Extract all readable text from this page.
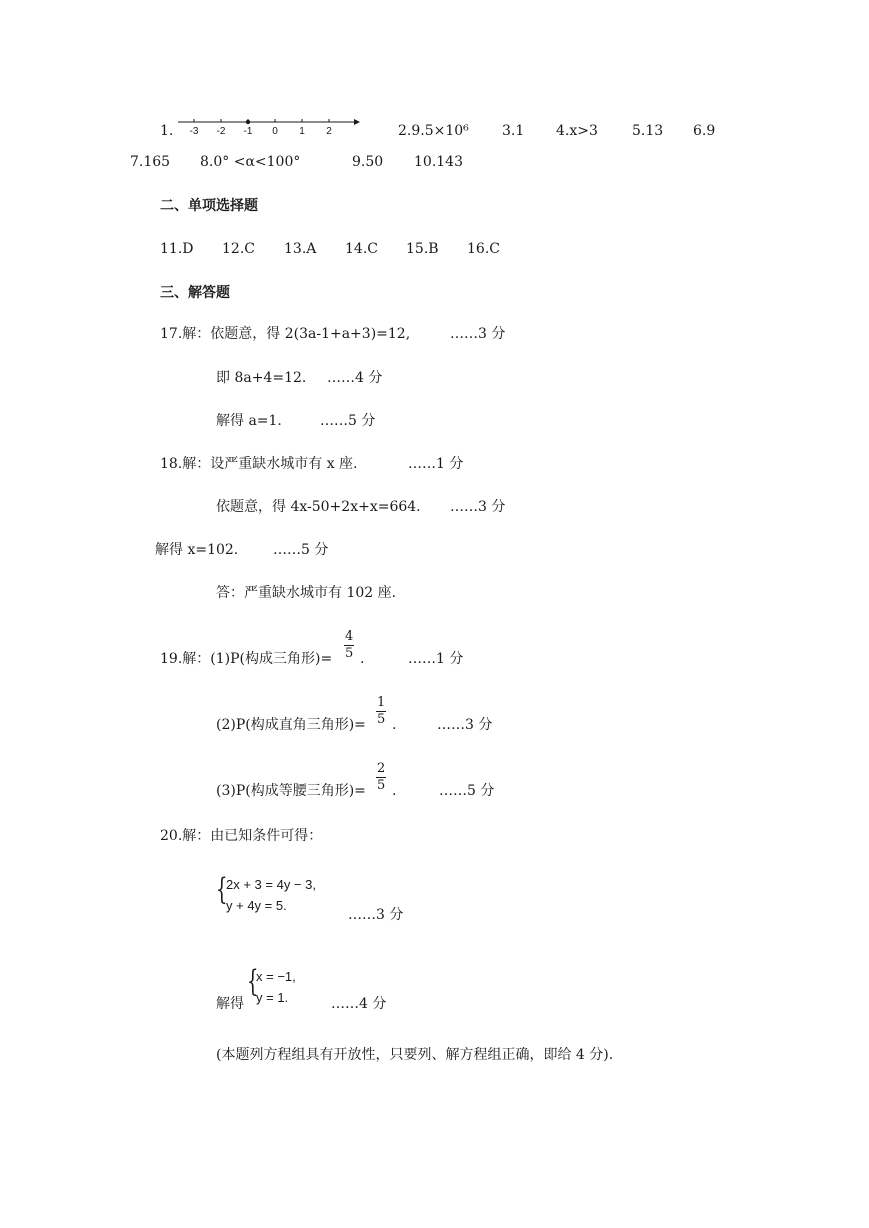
1. -3 -2 -1 0 1 2	2.9.5×10⁶ 3.1 4.x>3 5.13 6.9
7.165 8.0° <α<100°	9.50 10.143
二、单项选择题
11.D 12.C 13.A 14.C 15.B 16.C
三、解答题
17.解：依题意，得 2(3a-1+a+3)=12,	……3 分
即 8a+4=12. ……4 分
解得 a=1.	……5 分
18.解：设严重缺水城市有 x 座.	……1 分
依题意，得 4x-50+2x+x=664. ……3 分
解得 x=102. ……5 分
答：严重缺水城市有 102 座.
19.解：(1)P(构成三角形)= $\frac{4}{5}$ .	……1 分
(2)P(构成直角三角形)= $\frac{1}{5}$ .	……3 分
(3)P(构成等腰三角形)= $\frac{2}{5}$ .	……5 分
20.解：由已知条件可得：
{
2x + 3 = 4y − 3,
y + 4y = 5.
……3 分
解得
{
x = −1,
y = 1.	……4 分
(本题列方程组具有开放性，只要列、解方程组正确，即给 4 分).
